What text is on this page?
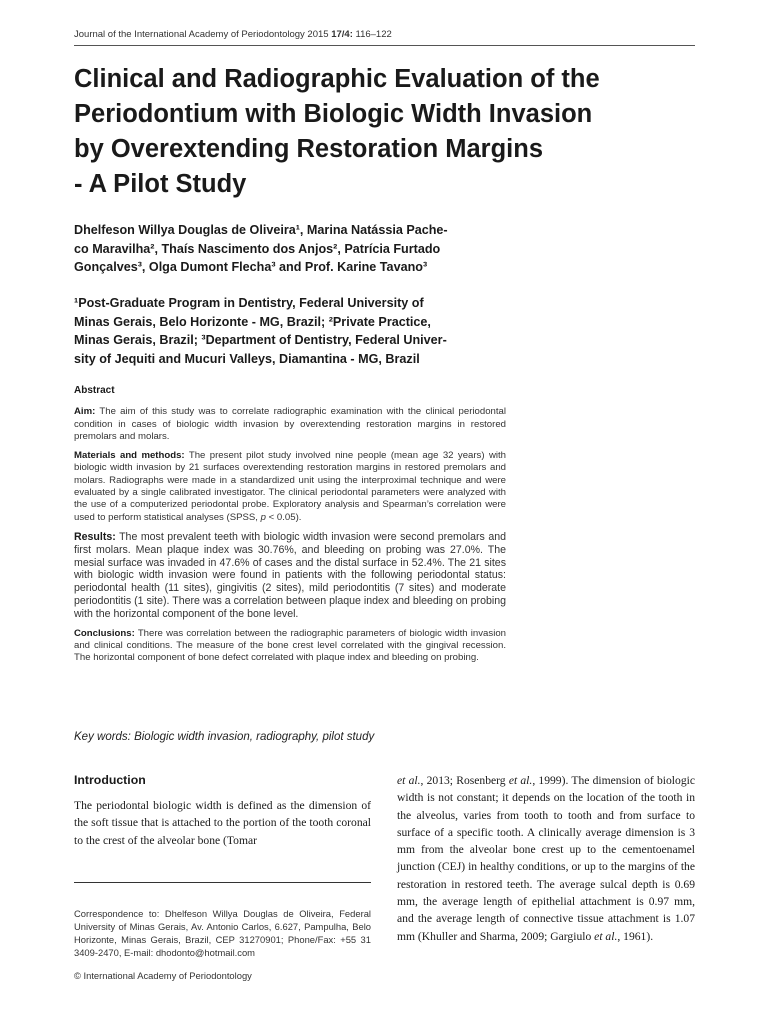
Journal of the International Academy of Periodontology 2015 17/4: 116–122
Clinical and Radiographic Evaluation of the
Periodontium with Biologic Width Invasion
by Overextending Restoration Margins
- A Pilot Study

Dhelfeson Willya Douglas de Oliveira¹, Marina Natássia Pache-
co Maravilha², Thaís Nascimento dos Anjos², Patrícia Furtado
Gonçalves³, Olga Dumont Flecha³ and Prof. Karine Tavano³

¹Post-Graduate Program in Dentistry, Federal University of
Minas Gerais, Belo Horizonte - MG, Brazil; ²Private Practice,
Minas Gerais, Brazil; ³Department of Dentistry, Federal Univer-
sity of Jequiti and Mucuri Valleys, Diamantina - MG, Brazil

Abstract

Aim: The aim of this study was to correlate radiographic examination with the clinical periodontal condition in cases of biologic width invasion by overextending restoration margins in restored premolars and molars.

Materials and methods: The present pilot study involved nine people (mean age 32 years) with biologic width invasion by 21 surfaces overextending restoration margins in restored premolars and molars. Radiographs were made in a standardized unit using the interproximal technique and were evaluated by a single calibrated investigator. The clinical periodontal parameters were analyzed with the use of a computerized periodontal probe. Exploratory analysis and Spearman’s correlation were used to perform statistical analyses (SPSS, p < 0.05).

Results: The most prevalent teeth with biologic width invasion were second premolars and first molars. Mean plaque index was 30.76%, and bleeding on probing was 27.0%. The mesial surface was invaded in 47.6% of cases and the distal surface in 52.4%. The 21 sites with biologic width invasion were found in patients with the following periodontal status: periodontal health (11 sites), gingivitis (2 sites), mild periodontitis (7 sites) and moderate periodontitis (1 site). There was a correlation between plaque index and bleeding on probing with the horizontal component of the bone level.

Conclusions: There was correlation between the radiographic parameters of biologic width invasion and clinical conditions. The measure of the bone crest level correlated with the gingival recession. The horizontal component of bone defect correlated with plaque index and bleeding on probing.

Key words: Biologic width invasion, radiography, pilot study
Introduction

The periodontal biologic width is defined as the dimension of the soft tissue that is attached to the portion of the tooth coronal to the crest of the alveolar bone (Tomar

et al., 2013; Rosenberg et al., 1999). The dimension of biologic width is not constant; it depends on the location of the tooth in the alveolus, varies from tooth to tooth and from surface to surface of a specific tooth. A clinically average dimension is 3 mm from the alveolar bone crest up to the cementoenamel junction (CEJ) in healthy conditions, or up to the margins of the restoration in restored teeth. The average sulcal depth is 0.69 mm, the average length of epithelial attachment is 0.97 mm, and the average length of connective tissue attachment is 1.07 mm (Khuller and Sharma, 2009; Gargiulo et al., 1961).

Correspondence to: Dhelfeson Willya Douglas de Oliveira, Federal University of Minas Gerais, Av. Antonio Carlos, 6.627, Pampulha, Belo Horizonte, Minas Gerais, Brazil, CEP 31270901; Phone/Fax: +55 31 3409-2470, E-mail: dhodonto@hotmail.com

© International Academy of Periodontology
